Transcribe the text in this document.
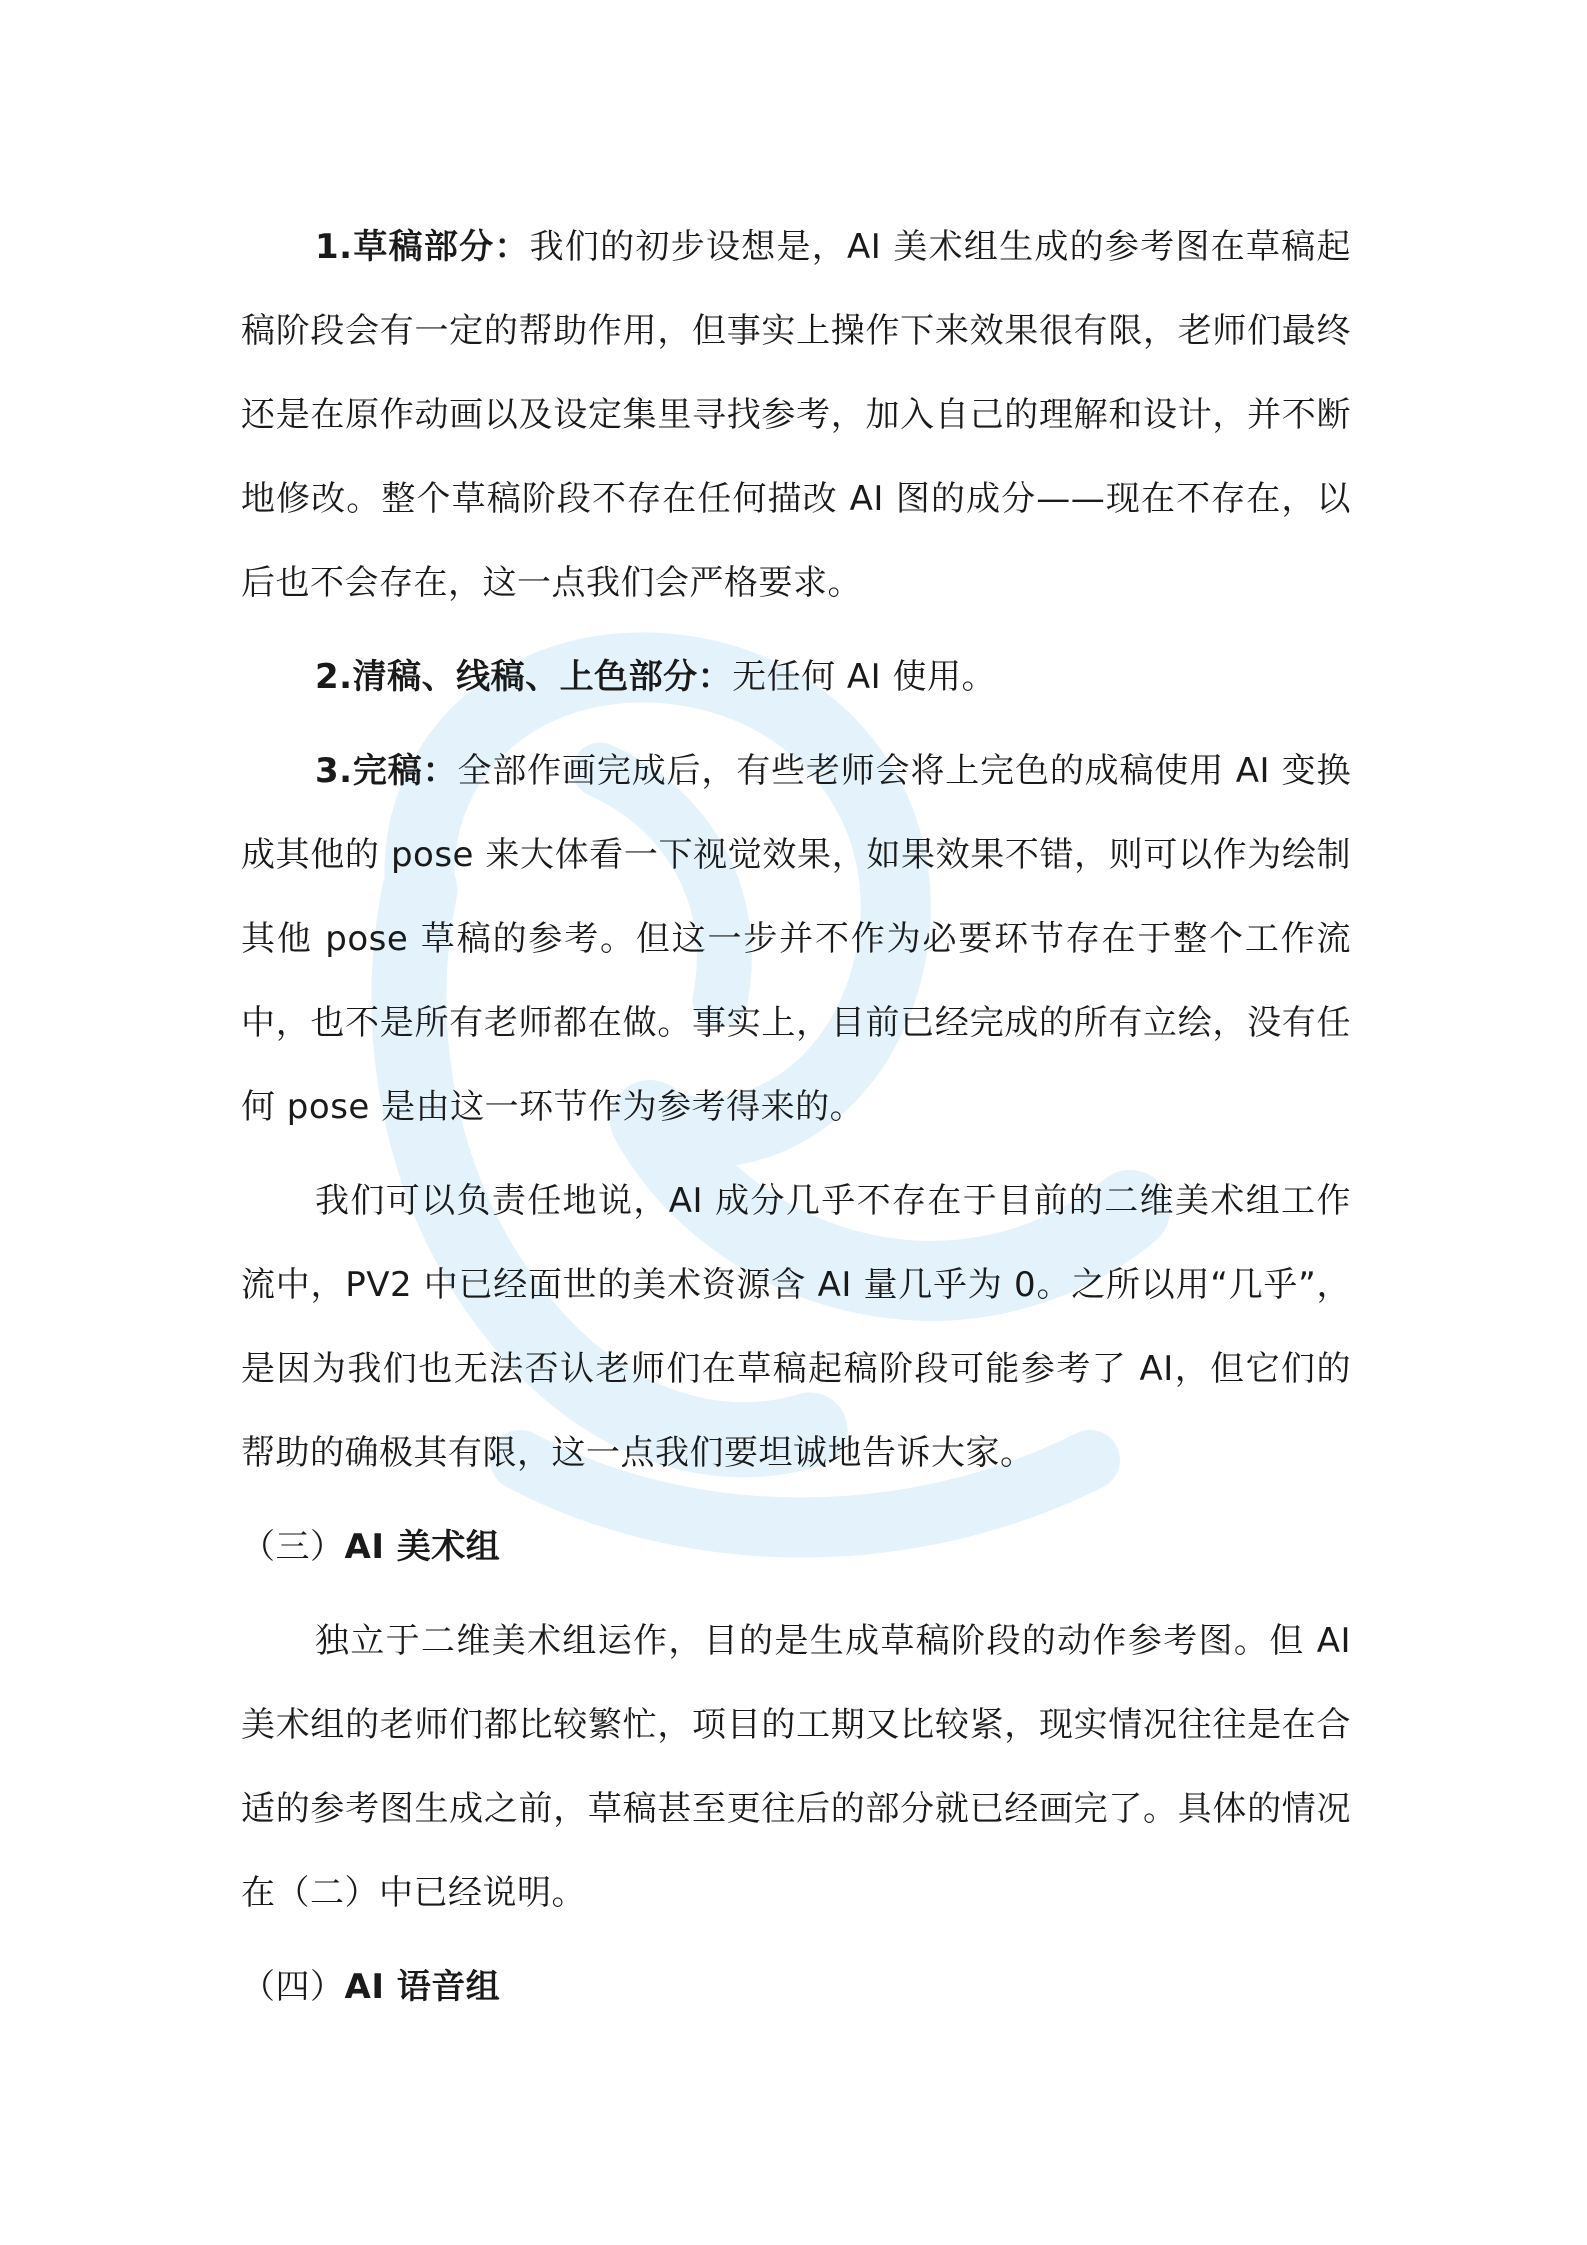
1.草稿部分：我们的初步设想是，AI 美术组生成的参考图在草稿起稿阶段会有一定的帮助作用，但事实上操作下来效果很有限，老师们最终还是在原作动画以及设定集里寻找参考，加入自己的理解和设计，并不断地修改。整个草稿阶段不存在任何描改 AI 图的成分——现在不存在，以后也不会存在，这一点我们会严格要求。

2.清稿、线稿、上色部分：无任何 AI 使用。

3.完稿：全部作画完成后，有些老师会将上完色的成稿使用 AI 变换成其他的 pose 来大体看一下视觉效果，如果效果不错，则可以作为绘制其他 pose 草稿的参考。但这一步并不作为必要环节存在于整个工作流中，也不是所有老师都在做。事实上，目前已经完成的所有立绘，没有任何 pose 是由这一环节作为参考得来的。

我们可以负责任地说，AI 成分几乎不存在于目前的二维美术组工作流中，PV2 中已经面世的美术资源含 AI 量几乎为 0。之所以用“几乎”，是因为我们也无法否认老师们在草稿起稿阶段可能参考了 AI，但它们的帮助的确极其有限，这一点我们要坦诚地告诉大家。

（三）AI 美术组

独立于二维美术组运作，目的是生成草稿阶段的动作参考图。但 AI 美术组的老师们都比较繁忙，项目的工期又比较紧，现实情况往往是在合适的参考图生成之前，草稿甚至更往后的部分就已经画完了。具体的情况在（二）中已经说明。

（四）AI 语音组
